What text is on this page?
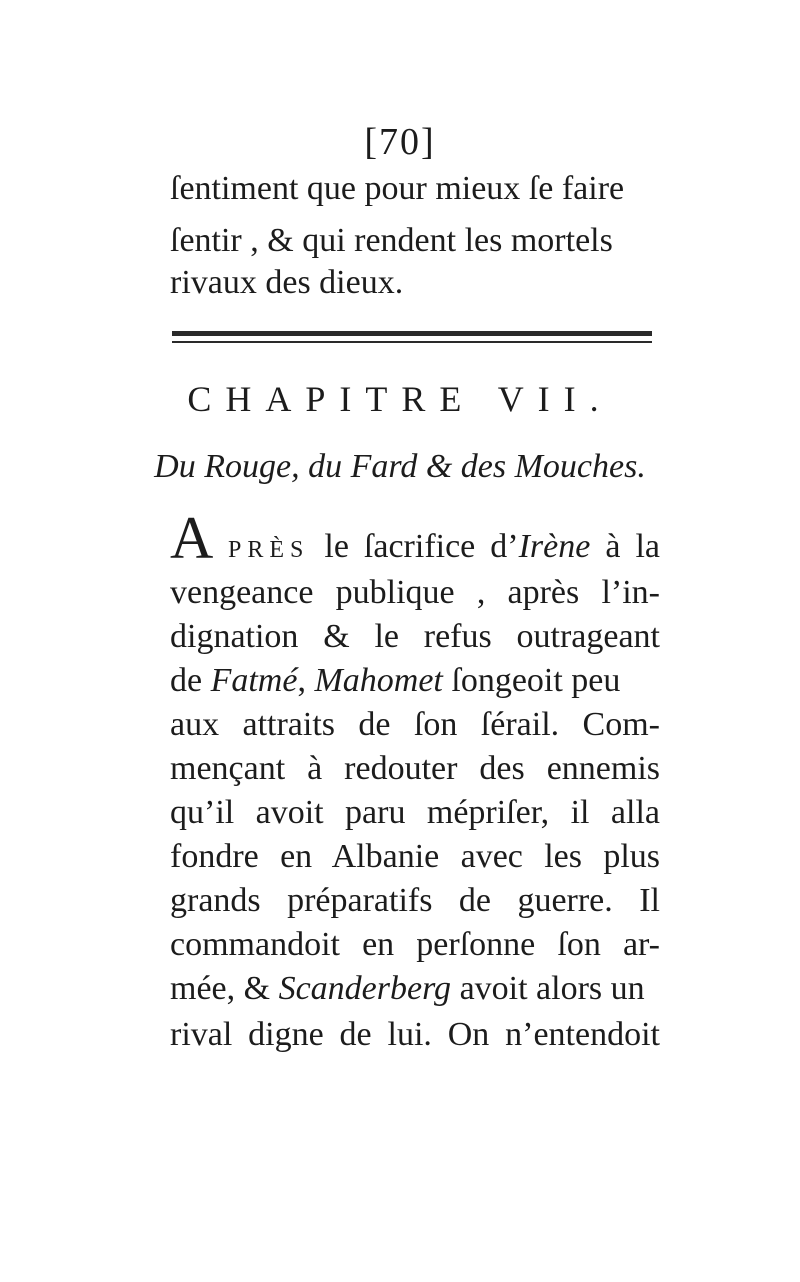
[70]
ſentiment que pour mieux ſe faire
ſentir , & qui rendent les mortels
rivaux des dieux.
CHAPITRE VII.
Du Rouge, du Fard & des Mouches.
A PRÈS le ſacrifice d’Irène à la
vengeance publique , après l’in-
dignation & le refus outrageant
de Fatmé, Mahomet ſongeoit peu
aux attraits de ſon ſérail. Com-
mençant à redouter des ennemis
qu’il avoit paru mépriſer, il alla
fondre en Albanie avec les plus
grands préparatifs de guerre. Il
commandoit en perſonne ſon ar-
mée, & Scanderberg avoit alors un
rival digne de lui. On n’entendoit
